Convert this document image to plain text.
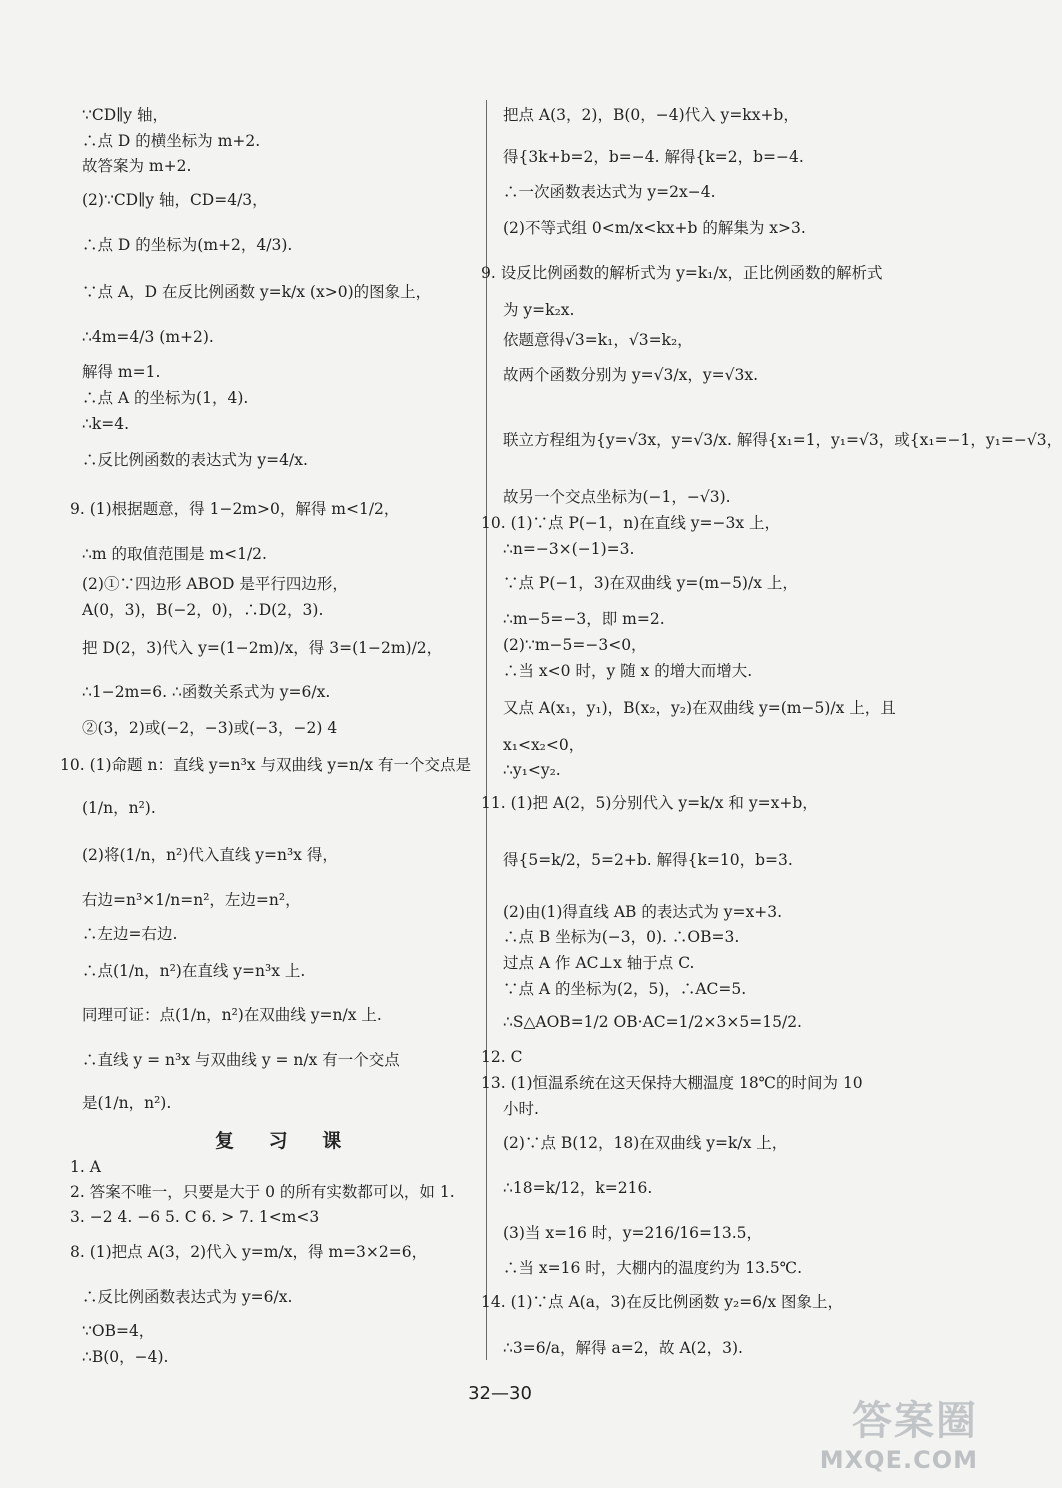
∵CD∥y 轴，
∴点 D 的横坐标为 m+2.
故答案为 m+2.
(2)∵CD∥y 轴，CD=4/3，
∴点 D 的坐标为(m+2，4/3).
∵点 A，D 在反比例函数 y=k/x (x>0)的图象上，
∴4m=4/3 (m+2).
解得 m=1.
∴点 A 的坐标为(1，4).
∴k=4.
∴反比例函数的表达式为 y=4/x.
9. (1)根据题意，得 1−2m>0，解得 m<1/2，
∴m 的取值范围是 m<1/2.
(2)①∵四边形 ABOD 是平行四边形，
A(0，3)，B(−2，0)，∴D(2，3).
把 D(2，3)代入 y=(1−2m)/x，得 3=(1−2m)/2，
∴1−2m=6. ∴函数关系式为 y=6/x.
②(3，2)或(−2，−3)或(−3，−2) 4
10. (1)命题 n：直线 y=n³x 与双曲线 y=n/x 有一个交点是
(1/n，n²).
(2)将(1/n，n²)代入直线 y=n³x 得，
右边=n³×1/n=n²，左边=n²，
∴左边=右边.
∴点(1/n，n²)在直线 y=n³x 上.
同理可证：点(1/n，n²)在双曲线 y=n/x 上.
∴直线 y = n³x 与双曲线 y = n/x 有一个交点
是(1/n，n²).
1. A
2. 答案不唯一，只要是大于 0 的所有实数都可以，如 1.
3. −2 4. −6 5. C 6. > 7. 1<m<3
8. (1)把点 A(3，2)代入 y=m/x，得 m=3×2=6，
∴反比例函数表达式为 y=6/x.
∵OB=4，
∴B(0，−4).
复 习 课
把点 A(3，2)，B(0，−4)代入 y=kx+b，
得{3k+b=2，b=−4. 解得{k=2，b=−4.
∴一次函数表达式为 y=2x−4.
(2)不等式组 0<m/x<kx+b 的解集为 x>3.
9. 设反比例函数的解析式为 y=k₁/x，正比例函数的解析式
为 y=k₂x.
依题意得√3=k₁，√3=k₂，
故两个函数分别为 y=√3/x，y=√3x.
联立方程组为{y=√3x，y=√3/x. 解得{x₁=1，y₁=√3，或{x₁=−1，y₁=−√3，
故另一个交点坐标为(−1，−√3).
10. (1)∵点 P(−1，n)在直线 y=−3x 上，
∴n=−3×(−1)=3.
∵点 P(−1，3)在双曲线 y=(m−5)/x 上，
∴m−5=−3，即 m=2.
(2)∵m−5=−3<0，
∴当 x<0 时，y 随 x 的增大而增大.
又点 A(x₁，y₁)，B(x₂，y₂)在双曲线 y=(m−5)/x 上，且
x₁<x₂<0，
∴y₁<y₂.
11. (1)把 A(2，5)分别代入 y=k/x 和 y=x+b，
得{5=k/2，5=2+b. 解得{k=10，b=3.
(2)由(1)得直线 AB 的表达式为 y=x+3.
∴点 B 坐标为(−3，0). ∴OB=3.
过点 A 作 AC⊥x 轴于点 C.
∵点 A 的坐标为(2，5)，∴AC=5.
∴S△AOB=1/2 OB·AC=1/2×3×5=15/2.
12. C
13. (1)恒温系统在这天保持大棚温度 18℃的时间为 10
小时.
(2)∵点 B(12，18)在双曲线 y=k/x 上，
∴18=k/12，k=216.
(3)当 x=16 时，y=216/16=13.5，
∴当 x=16 时，大棚内的温度约为 13.5℃.
14. (1)∵点 A(a，3)在反比例函数 y₂=6/x 图象上，
∴3=6/a，解得 a=2，故 A(2，3).
32—30
答案圈
MXQE.COM
